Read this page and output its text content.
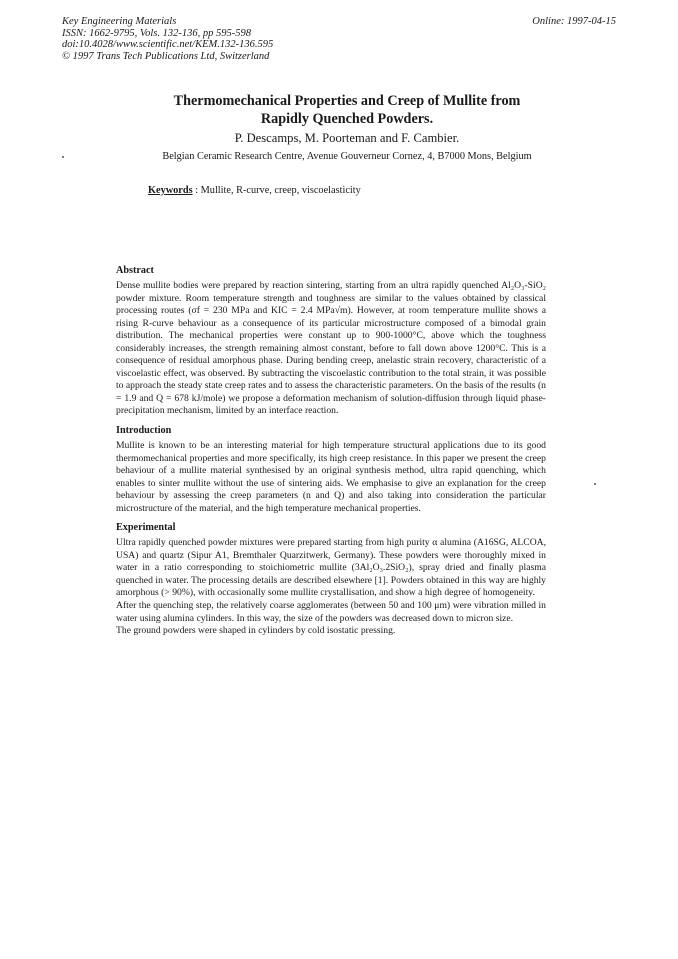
Key Engineering Materials
ISSN: 1662-9795, Vols. 132-136, pp 595-598
doi:10.4028/www.scientific.net/KEM.132-136.595
© 1997 Trans Tech Publications Ltd, Switzerland
Online: 1997-04-15
Thermomechanical Properties and Creep of Mullite from
Rapidly Quenched Powders.
P. Descamps, M. Poorteman and F. Cambier.
Belgian Ceramic Research Centre, Avenue Gouverneur Cornez, 4, B7000 Mons, Belgium
Keywords : Mullite, R-curve, creep, viscoelasticity
Abstract

Dense mullite bodies were prepared by reaction sintering, starting from an ultra rapidly quenched Al₂O₃-SiO₂ powder mixture. Room temperature strength and toughness are similar to the values obtained by classical processing routes (σf = 230 MPa and KIC = 2.4 MPa√m). However, at room temperature mullite shows a rising R-curve behaviour as a consequence of its particular microstructure composed of a bimodal grain distribution. The mechanical properties were constant up to 900-1000°C, above which the toughness considerably increases, the strength remaining almost constant, before to fall down above 1200°C. This is a consequence of residual amorphous phase. During bending creep, anelastic strain recovery, characteristic of a viscoelastic effect, was observed. By subtracting the viscoelastic contribution to the total strain, it was possible to approach the steady state creep rates and to assess the characteristic parameters. On the basis of the results (n = 1.9 and Q = 678 kJ/mole) we propose a deformation mechanism of solution-diffusion through liquid phase-precipitation mechanism, limited by an interface reaction.

Introduction

Mullite is known to be an interesting material for high temperature structural applications due to its good thermomechanical properties and more specifically, its high creep resistance. In this paper we present the creep behaviour of a mullite material synthesised by an original synthesis method, ultra rapid quenching, which enables to sinter mullite without the use of sintering aids. We emphasise to give an explanation for the creep behaviour by assessing the creep parameters (n and Q) and also taking into consideration the particular microstructure of the material, and the high temperature mechanical properties.

Experimental

Ultra rapidly quenched powder mixtures were prepared starting from high purity α alumina (A16SG, ALCOA, USA) and quartz (Sipur A1, Bremthaler Quarzitwerk, Germany). These powders were thoroughly mixed in water in a ratio corresponding to stoichiometric mullite (3Al₂O₃.2SiO₂), spray dried and finally plasma quenched in water. The processing details are described elsewhere [1]. Powders obtained in this way are highly amorphous (> 90%), with occasionally some mullite crystallisation, and show a high degree of homogeneity.

After the quenching step, the relatively coarse agglomerates (between 50 and 100 μm) were vibration milled in water using alumina cylinders. In this way, the size of the powders was decreased down to micron size.

The ground powders were shaped in cylinders by cold isostatic pressing.
